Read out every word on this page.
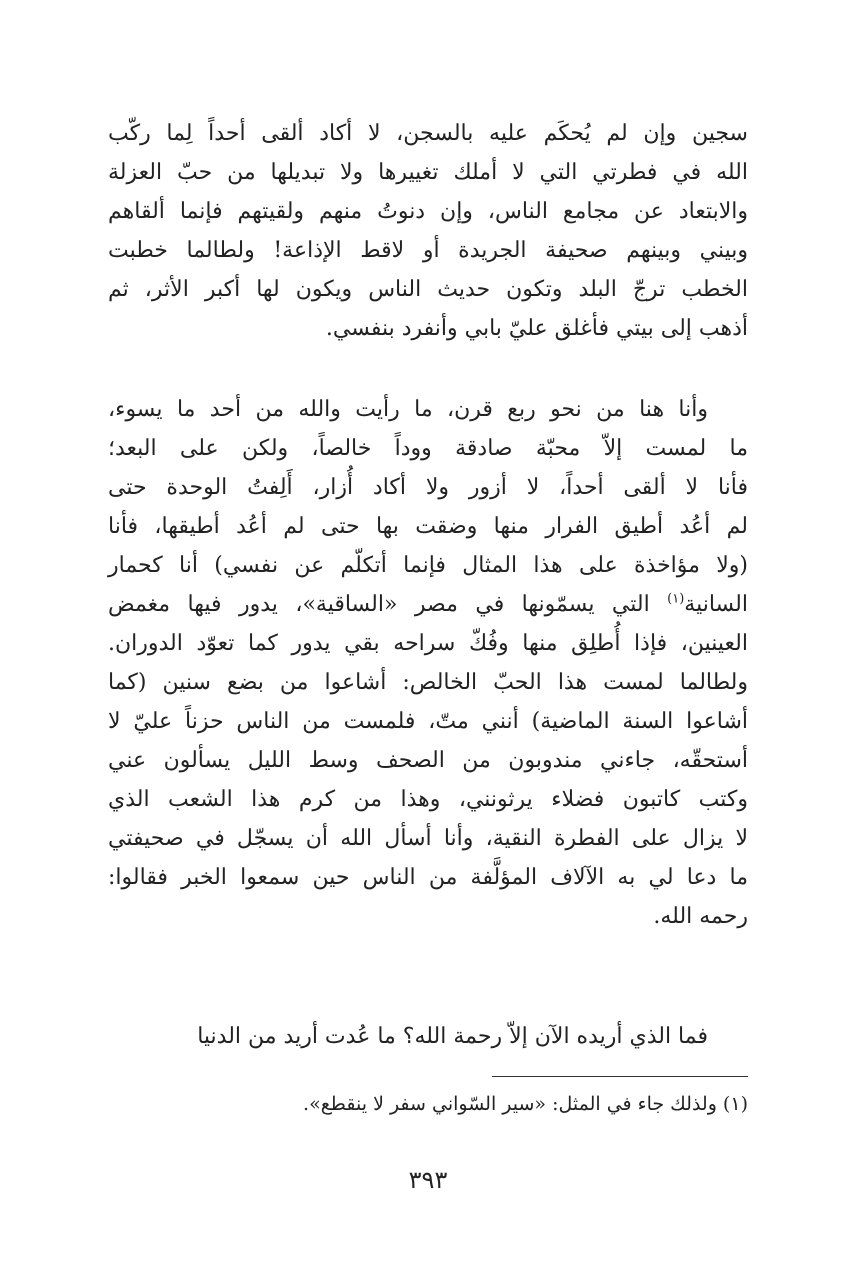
سجين وإن لم يُحكَم عليه بالسجن، لا أكاد ألقى أحداً لِما ركّب
الله في فطرتي التي لا أملك تغييرها ولا تبديلها من حبّ العزلة
والابتعاد عن مجامع الناس، وإن دنوتُ منهم ولقيتهم فإنما ألقاهم
وبيني وبينهم صحيفة الجريدة أو لاقط الإذاعة! ولطالما خطبت
الخطب ترجّ البلد وتكون حديث الناس ويكون لها أكبر الأثر، ثم
أذهب إلى بيتي فأغلق عليّ بابي وأنفرد بنفسي.
وأنا هنا من نحو ربع قرن، ما رأيت والله من أحد ما يسوء،
ما لمست إلاّ محبّة صادقة ووداً خالصاً، ولكن على البعد؛
فأنا لا ألقى أحداً، لا أزور ولا أكاد أُزار، أَلِفتُ الوحدة حتى
لم أعُد أطيق الفرار منها وضقت بها حتى لم أعُد أطيقها، فأنا
(ولا مؤاخذة على هذا المثال فإنما أتكلّم عن نفسي) أنا كحمار
السانية$^{(١)}$ التي يسمّونها في مصر «الساقية»، يدور فيها مغمض
العينين، فإذا أُطلِق منها وفُكّ سراحه بقي يدور كما تعوّد الدوران.
ولطالما لمست هذا الحبّ الخالص: أشاعوا من بضع سنين (كما
أشاعوا السنة الماضية) أنني متّ، فلمست من الناس حزناً عليّ لا
أستحقّه، جاءني مندوبون من الصحف وسط الليل يسألون عني
وكتب كاتبون فضلاء يرثونني، وهذا من كرم هذا الشعب الذي
لا يزال على الفطرة النقية، وأنا أسأل الله أن يسجّل في صحيفتي
ما دعا لي به الآلاف المؤلَّفة من الناس حين سمعوا الخبر فقالوا:
رحمه الله.
فما الذي أريده الآن إلاّ رحمة الله؟ ما عُدت أريد من الدنيا
(١) ولذلك جاء في المثل: «سير السّواني سفر لا ينقطع».
٣٩٣
